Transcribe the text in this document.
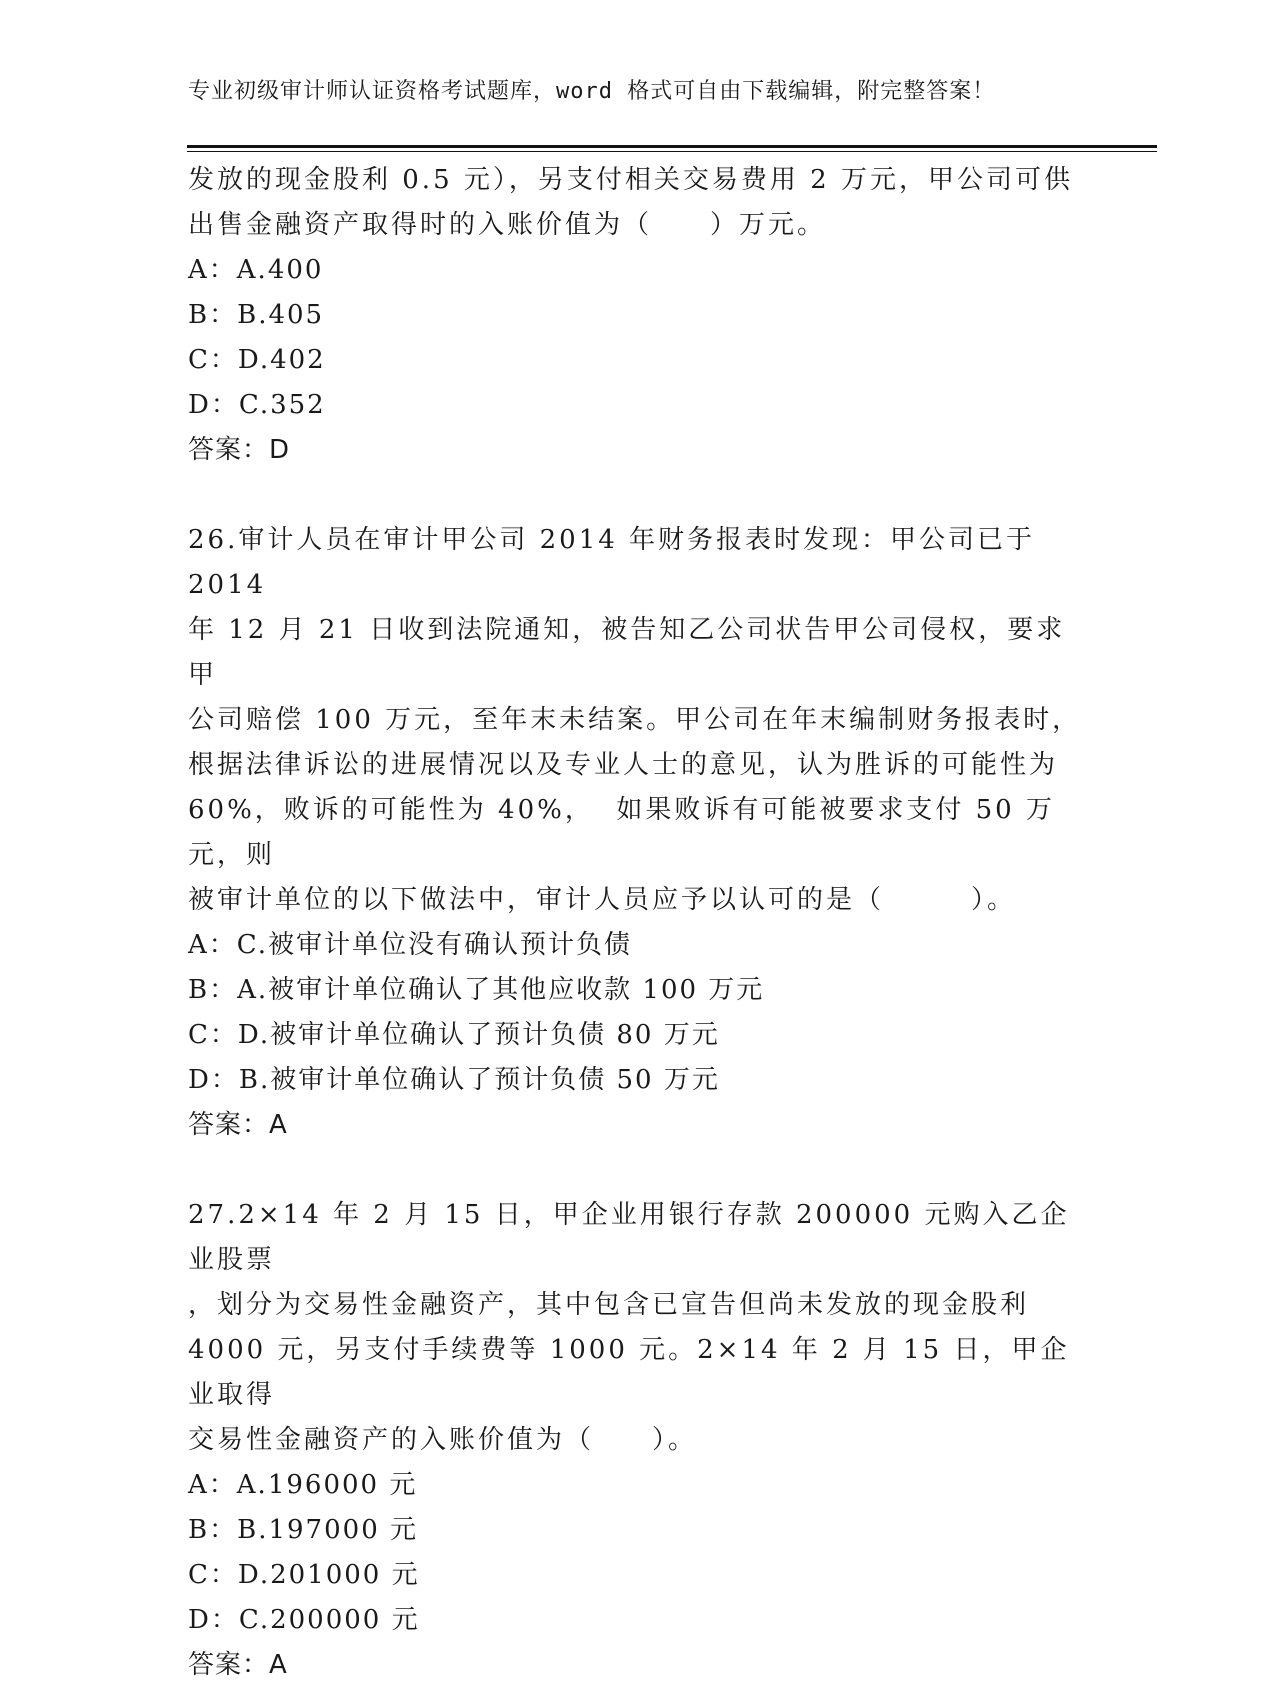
专业初级审计师认证资格考试题库，word 格式可自由下载编辑，附完整答案！

发放的现金股利 0.5 元），另支付相关交易费用 2 万元，甲公司可供

出售金融资产取得时的入账价值为（　　）万元。

A：A.400

B：B.405

C：D.402

D：C.352

答案：D

26.审计人员在审计甲公司 2014 年财务报表时发现：甲公司已于 2014

年 12 月 21 日收到法院通知，被告知乙公司状告甲公司侵权，要求甲

公司赔偿 100 万元，至年末未结案。甲公司在年末编制财务报表时，

根据法律诉讼的进展情况以及专业人士的意见，认为胜诉的可能性为

60%，败诉的可能性为 40%，  如果败诉有可能被要求支付 50 万元，则

被审计单位的以下做法中，审计人员应予以认可的是（　　　）。

A：C.被审计单位没有确认预计负债

B：A.被审计单位确认了其他应收款 100 万元

C：D.被审计单位确认了预计负债 80 万元

D：B.被审计单位确认了预计负债 50 万元

答案：A

27.2×14 年 2 月 15 日，甲企业用银行存款 200000 元购入乙企业股票

，划分为交易性金融资产，其中包含已宣告但尚未发放的现金股利

4000 元，另支付手续费等 1000 元。2×14 年 2 月 15 日，甲企业取得

交易性金融资产的入账价值为（　　）。

A：A.196000 元

B：B.197000 元

C：D.201000 元

D：C.200000 元

答案：A
